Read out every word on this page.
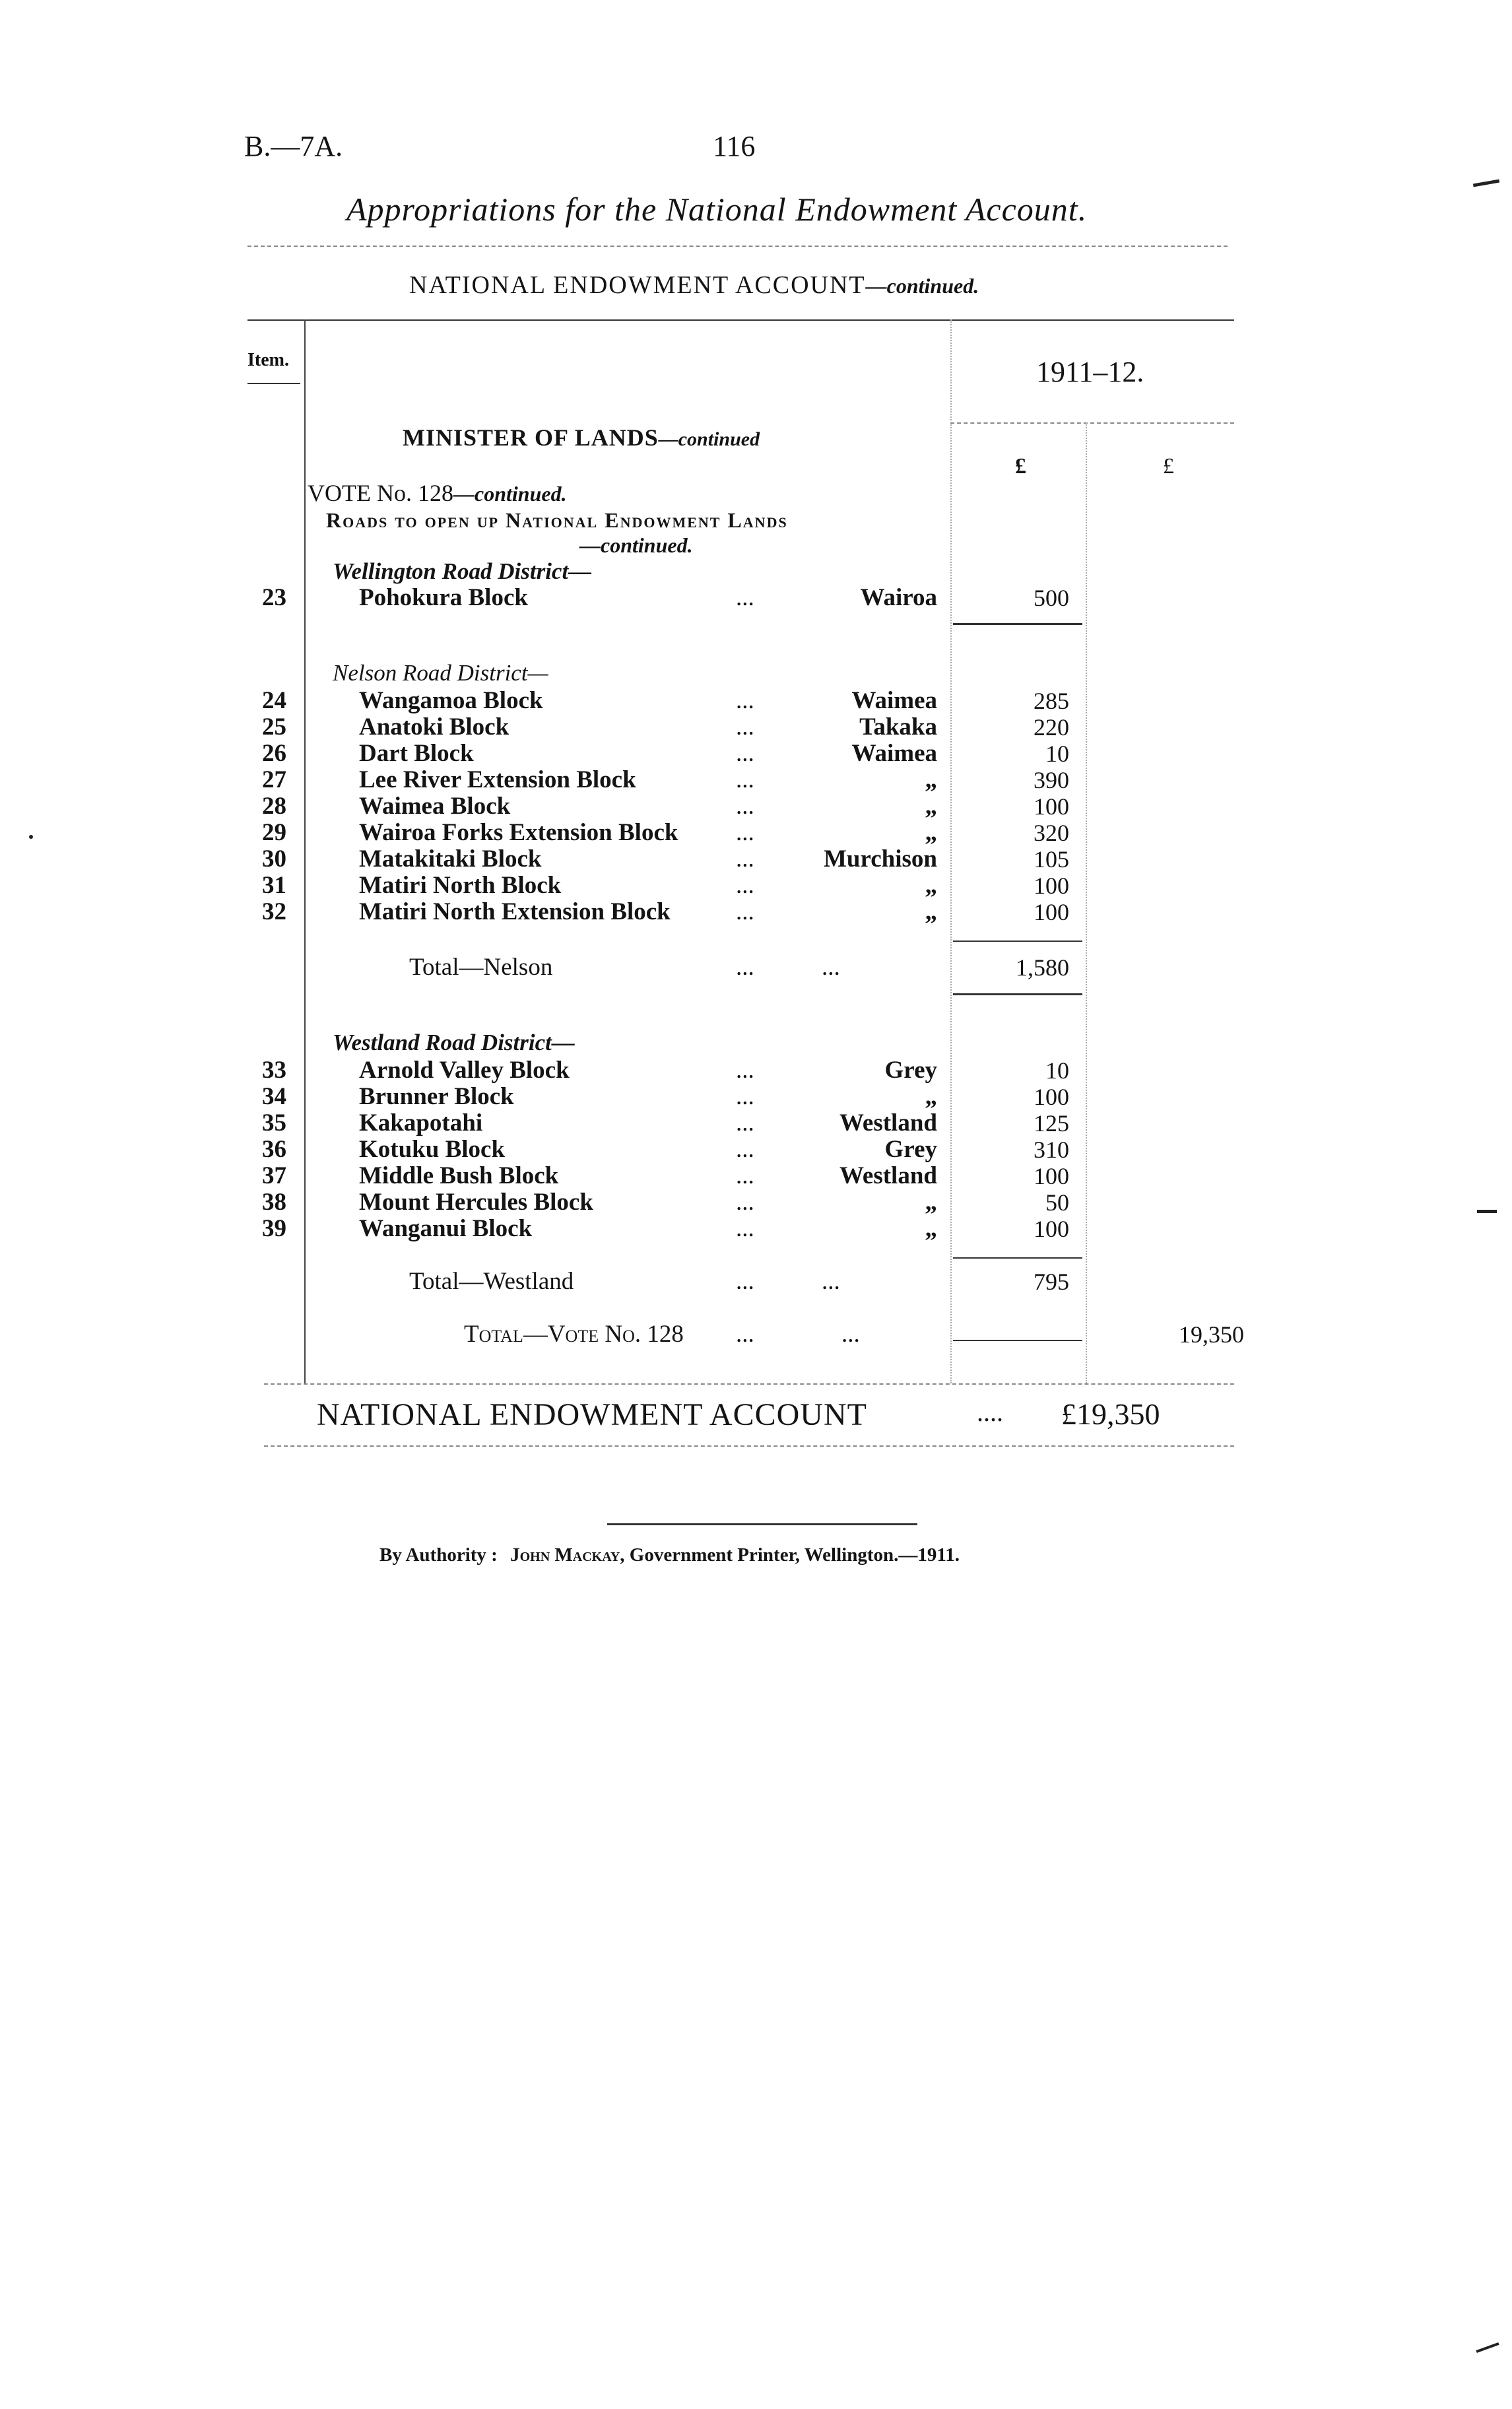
B.—7A.	116
Appropriations for the National Endowment Account.
NATIONAL ENDOWMENT ACCOUNT—continued.
Item.	1911–12.
£	£
MINISTER OF LANDS—continued
VOTE No. 128—continued.
Roads to open up National Endowment Lands
—continued.
Wellington Road District—
23	Pohokura Block	...	Wairoa	500
Nelson Road District—
24	Wangamoa Block	...	Waimea	285
25	Anatoki Block	...	Takaka	220
26	Dart Block	...	Waimea	10
27	Lee River Extension Block	...	„	390
28	Waimea Block	...	„	100
29	Wairoa Forks Extension Block ...	„	320
30	Matakitaki Block	...	Murchison	105
31	Matiri North Block	...	„	100
32	Matiri North Extension Block	...	„	100
Total—Nelson	...	...	1,580
Westland Road District—
33	Arnold Valley Block	...	Grey	10
34	Brunner Block	...	„	100
35	Kakapotahi	...	Westland	125
36	Kotuku Block	...	Grey	310
37	Middle Bush Block	...	Westland	100
38	Mount Hercules Block	...	„	50
39	Wanganui Block	...	„	100
Total—Westland	...	...	795
Total—Vote No. 128 ...	...	19,350
NATIONAL ENDOWMENT ACCOUNT	.... £19,350
By Authority : John Mackay, Government Printer, Wellington.—1911.
